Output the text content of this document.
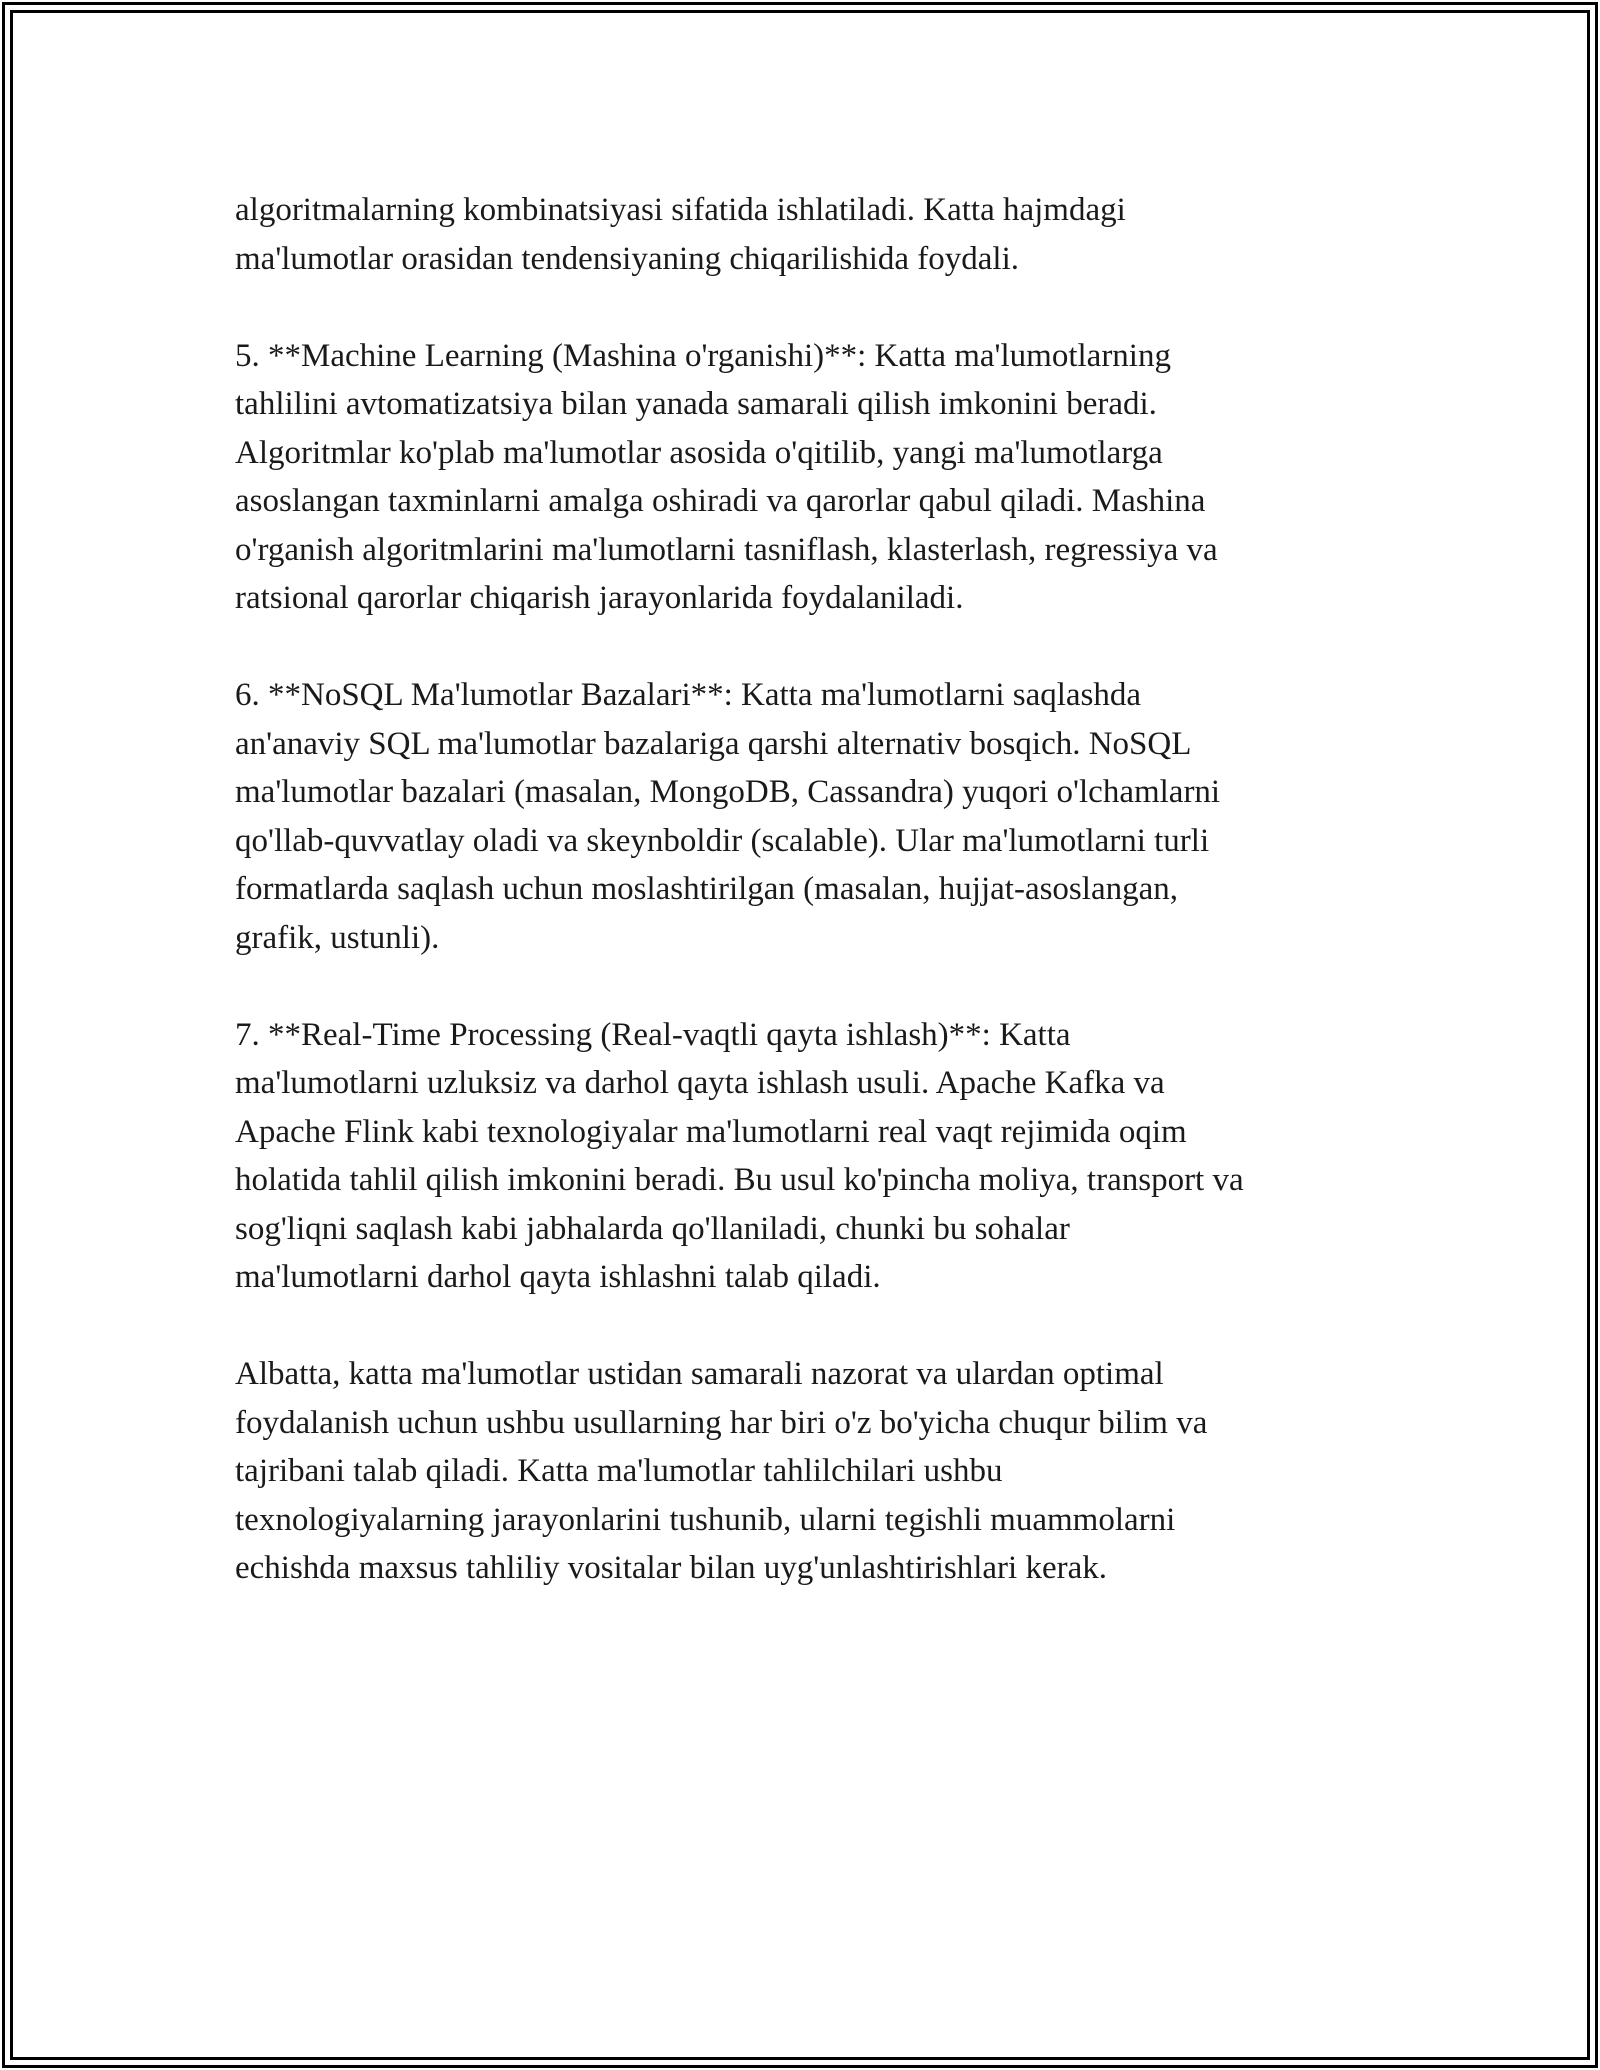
algoritmalarning kombinatsiyasi sifatida ishlatiladi. Katta hajmdagi
ma'lumotlar orasidan tendensiyaning chiqarilishida foydali.

5. **Machine Learning (Mashina o'rganishi)**: Katta ma'lumotlarning
tahlilini avtomatizatsiya bilan yanada samarali qilish imkonini beradi.
Algoritmlar ko'plab ma'lumotlar asosida o'qitilib, yangi ma'lumotlarga
asoslangan taxminlarni amalga oshiradi va qarorlar qabul qiladi. Mashina
o'rganish algoritmlarini ma'lumotlarni tasniflash, klasterlash, regressiya va
ratsional qarorlar chiqarish jarayonlarida foydalaniladi.

6. **NoSQL Ma'lumotlar Bazalari**: Katta ma'lumotlarni saqlashda
an'anaviy SQL ma'lumotlar bazalariga qarshi alternativ bosqich. NoSQL
ma'lumotlar bazalari (masalan, MongoDB, Cassandra) yuqori o'lchamlarni
qo'llab-quvvatlay oladi va skeynboldir (scalable). Ular ma'lumotlarni turli
formatlarda saqlash uchun moslashtirilgan (masalan, hujjat-asoslangan,
grafik, ustunli).

7. **Real-Time Processing (Real-vaqtli qayta ishlash)**: Katta
ma'lumotlarni uzluksiz va darhol qayta ishlash usuli. Apache Kafka va
Apache Flink kabi texnologiyalar ma'lumotlarni real vaqt rejimida oqim
holatida tahlil qilish imkonini beradi. Bu usul ko'pincha moliya, transport va
sog'liqni saqlash kabi jabhalarda qo'llaniladi, chunki bu sohalar
ma'lumotlarni darhol qayta ishlashni talab qiladi.

Albatta, katta ma'lumotlar ustidan samarali nazorat va ulardan optimal
foydalanish uchun ushbu usullarning har biri o'z bo'yicha chuqur bilim va
tajribani talab qiladi. Katta ma'lumotlar tahlilchilari ushbu
texnologiyalarning jarayonlarini tushunib, ularni tegishli muammolarni
echishda maxsus tahliliy vositalar bilan uyg'unlashtirishlari kerak.
